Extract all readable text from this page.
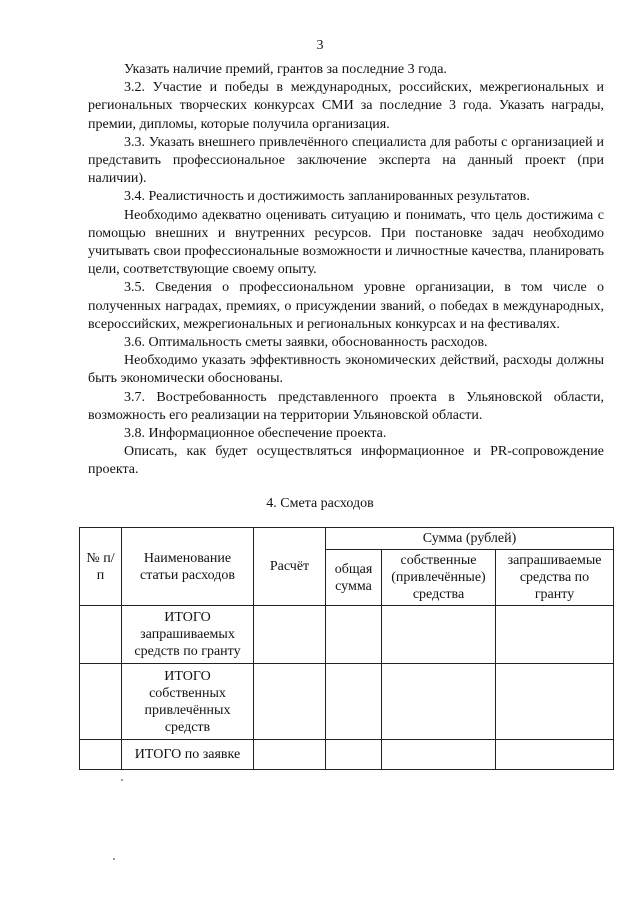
3

Указать наличие премий, грантов за последние 3 года.

3.2. Участие и победы в международных, российских, межрегиональных и региональных творческих конкурсах СМИ за последние 3 года. Указать награды, премии, дипломы, которые получила организация.

3.3. Указать внешнего привлечённого специалиста для работы с организацией и представить профессиональное заключение эксперта на данный проект (при наличии).

3.4. Реалистичность и достижимость запланированных результатов.

Необходимо адекватно оценивать ситуацию и понимать, что цель достижима с помощью внешних и внутренних ресурсов. При постановке задач необходимо учитывать свои профессиональные возможности и личностные качества, планировать цели, соответствующие своему опыту.

3.5. Сведения о профессиональном уровне организации, в том числе о полученных наградах, премиях, о присуждении званий, о победах в международных, всероссийских, межрегиональных и региональных конкурсах и на фестивалях.

3.6. Оптимальность сметы заявки, обоснованность расходов.

Необходимо указать эффективность экономических действий, расходы должны быть экономически обоснованы.

3.7. Востребованность представленного проекта в Ульяновской области, возможность его реализации на территории Ульяновской области.

3.8. Информационное обеспечение проекта.

Описать, как будет осуществляться информационное и PR-сопровождение проекта.

4. Смета расходов
№ п/п	Наименование статьи расходов	Расчёт	Сумма (рублей)		
			общая сумма	собственные (привлечённые) средства	запрашиваемые средства по гранту
	ИТОГО запрашиваемых средств по гранту				
	ИТОГО собственных привлечённых средств				
	ИТОГО по заявке				
